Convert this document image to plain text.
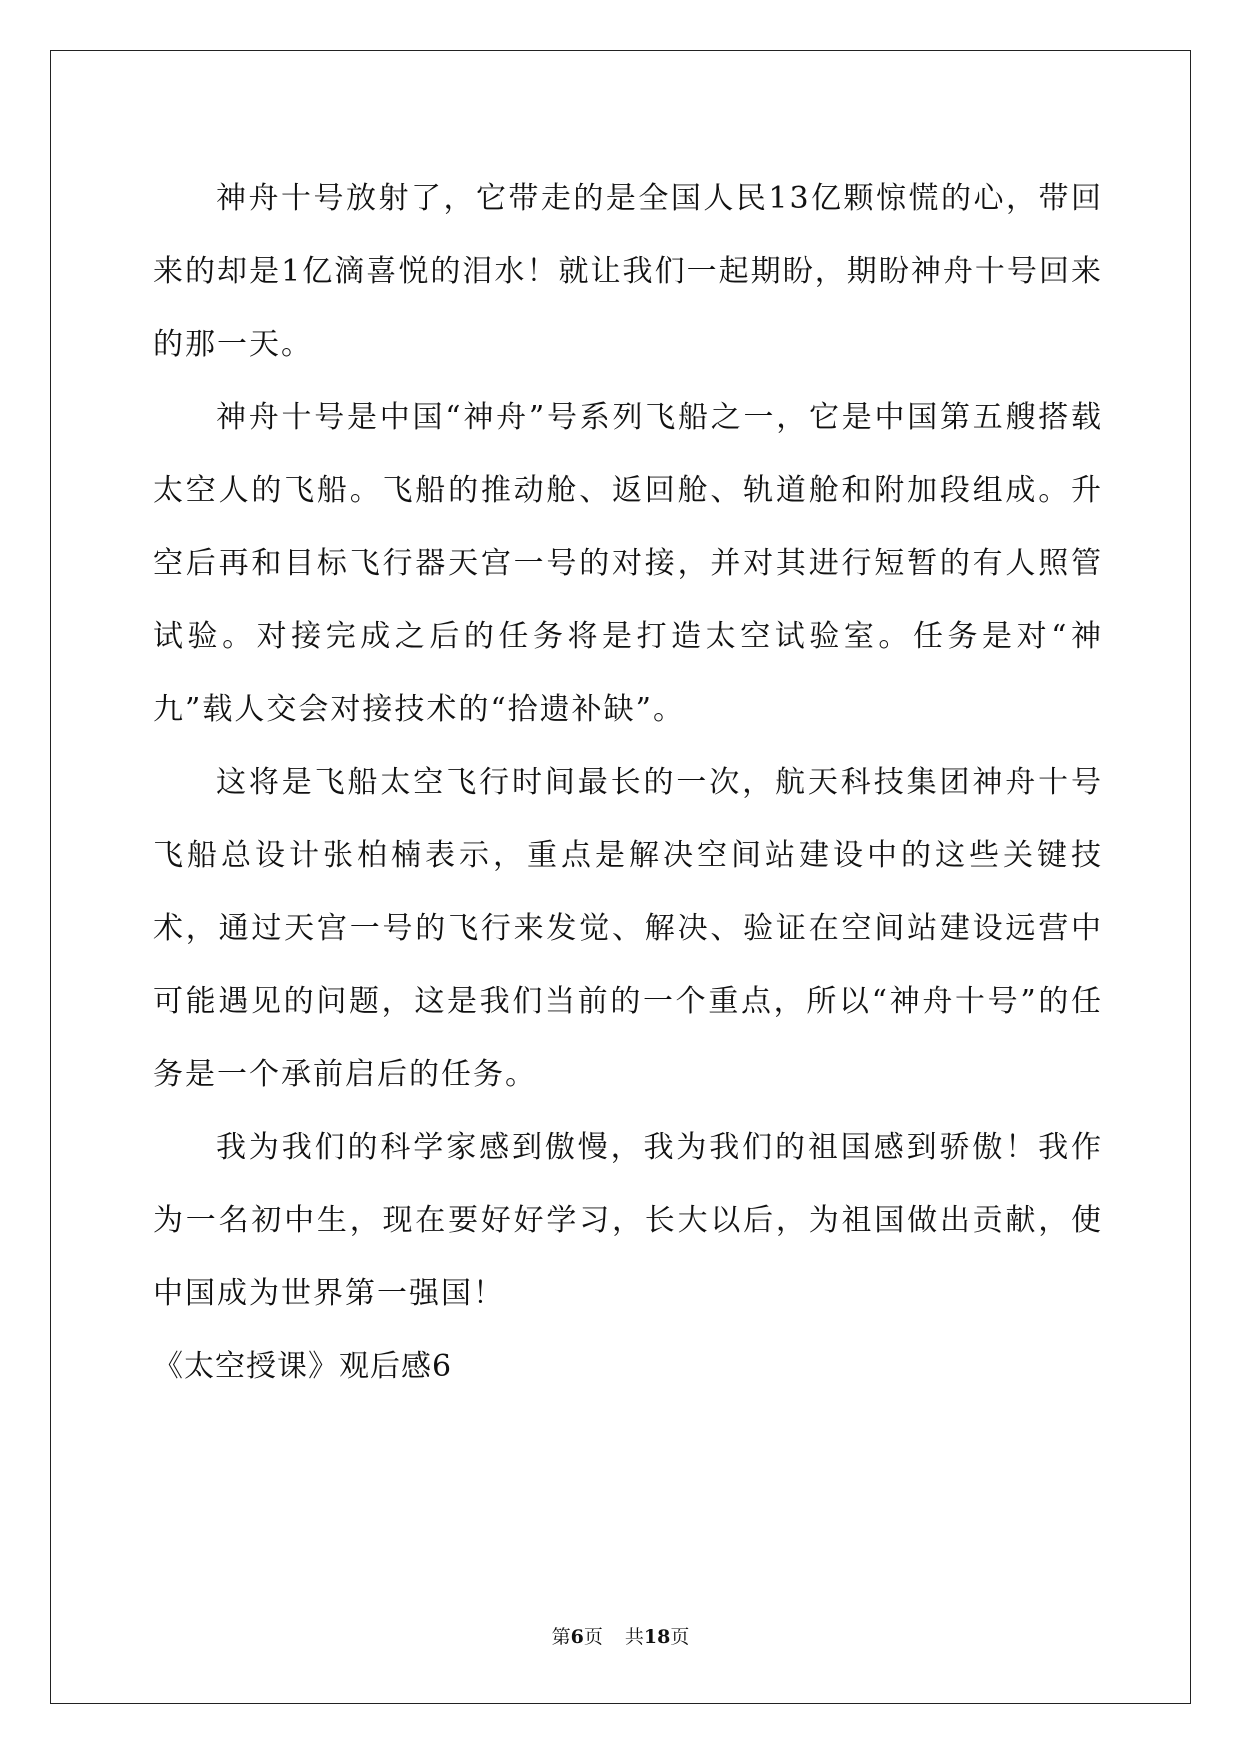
神舟十号放射了，它带走的是全国人民13亿颗惊慌的心，带回来的却是1亿滴喜悦的泪水！就让我们一起期盼，期盼神舟十号回来的那一天。

神舟十号是中国“神舟”号系列飞船之一，它是中国第五艘搭载太空人的飞船。飞船的推动舱、返回舱、轨道舱和附加段组成。升空后再和目标飞行器天宫一号的对接，并对其进行短暂的有人照管试验。对接完成之后的任务将是打造太空试验室。任务是对“神九”载人交会对接技术的“拾遗补缺”。

这将是飞船太空飞行时间最长的一次，航天科技集团神舟十号飞船总设计张柏楠表示，重点是解决空间站建设中的这些关键技术，通过天宫一号的飞行来发觉、解决、验证在空间站建设远营中可能遇见的问题，这是我们当前的一个重点，所以“神舟十号”的任务是一个承前启后的任务。

我为我们的科学家感到傲慢，我为我们的祖国感到骄傲！我作为一名初中生，现在要好好学习，长大以后，为祖国做出贡献，使中国成为世界第一强国！

《太空授课》观后感6

第6页 共18页
